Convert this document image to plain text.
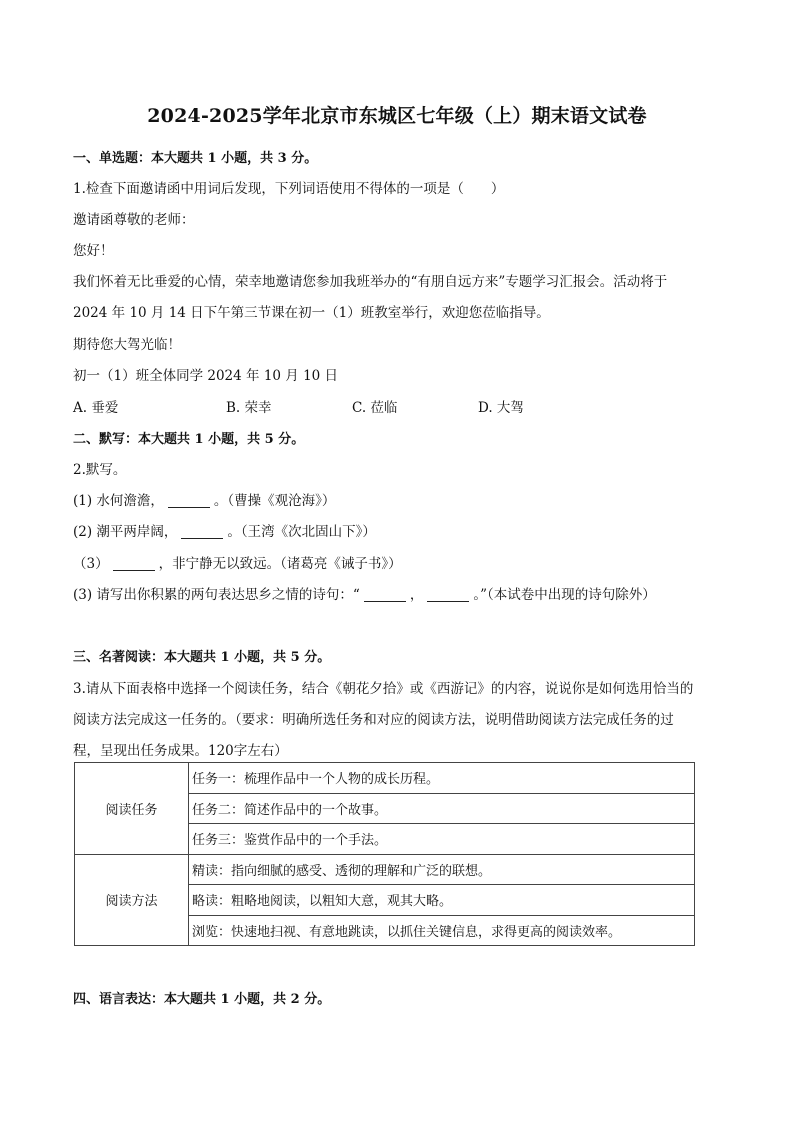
2024-2025学年北京市东城区七年级（上）期末语文试卷
一、单选题：本大题共 1 小题，共 3 分。
1.检查下面邀请函中用词后发现，下列词语使用不得体的一项是（　　）
邀请函尊敬的老师：
您好！
我们怀着无比垂爱的心情，荣幸地邀请您参加我班举办的“有朋自远方来”专题学习汇报会。活动将于
2024 年 10 月 14 日下午第三节课在初一（1）班教室举行，欢迎您莅临指导。
期待您大驾光临！
初一（1）班全体同学 2024 年 10 月 10 日
A. 垂爱	B. 荣幸	C. 莅临	D. 大驾
二、默写：本大题共 1 小题，共 5 分。
2.默写。
(1) 水何澹澹，	。（曹操《观沧海》）
(2) 潮平两岸阔，	。（王湾《次北固山下》）
（3）	，非宁静无以致远。（诸葛亮《诫子书》）
(3) 请写出你积累的两句表达思乡之情的诗句：“	，	。”（本试卷中出现的诗句除外）
三、名著阅读：本大题共 1 小题，共 5 分。
3.请从下面表格中选择一个阅读任务，结合《朝花夕拾》或《西游记》的内容，说说你是如何选用恰当的
阅读方法完成这一任务的。（要求：明确所选任务和对应的阅读方法，说明借助阅读方法完成任务的过
程，呈现出任务成果。120字左右）
阅读任务	任务一：梳理作品中一个人物的成长历程。
	任务二：简述作品中的一个故事。
	任务三：鉴赏作品中的一个手法。
阅读方法	精读：指向细腻的感受、透彻的理解和广泛的联想。
	略读：粗略地阅读，以粗知大意，观其大略。
	浏览：快速地扫视、有意地跳读，以抓住关键信息，求得更高的阅读效率。
四、语言表达：本大题共 1 小题，共 2 分。
